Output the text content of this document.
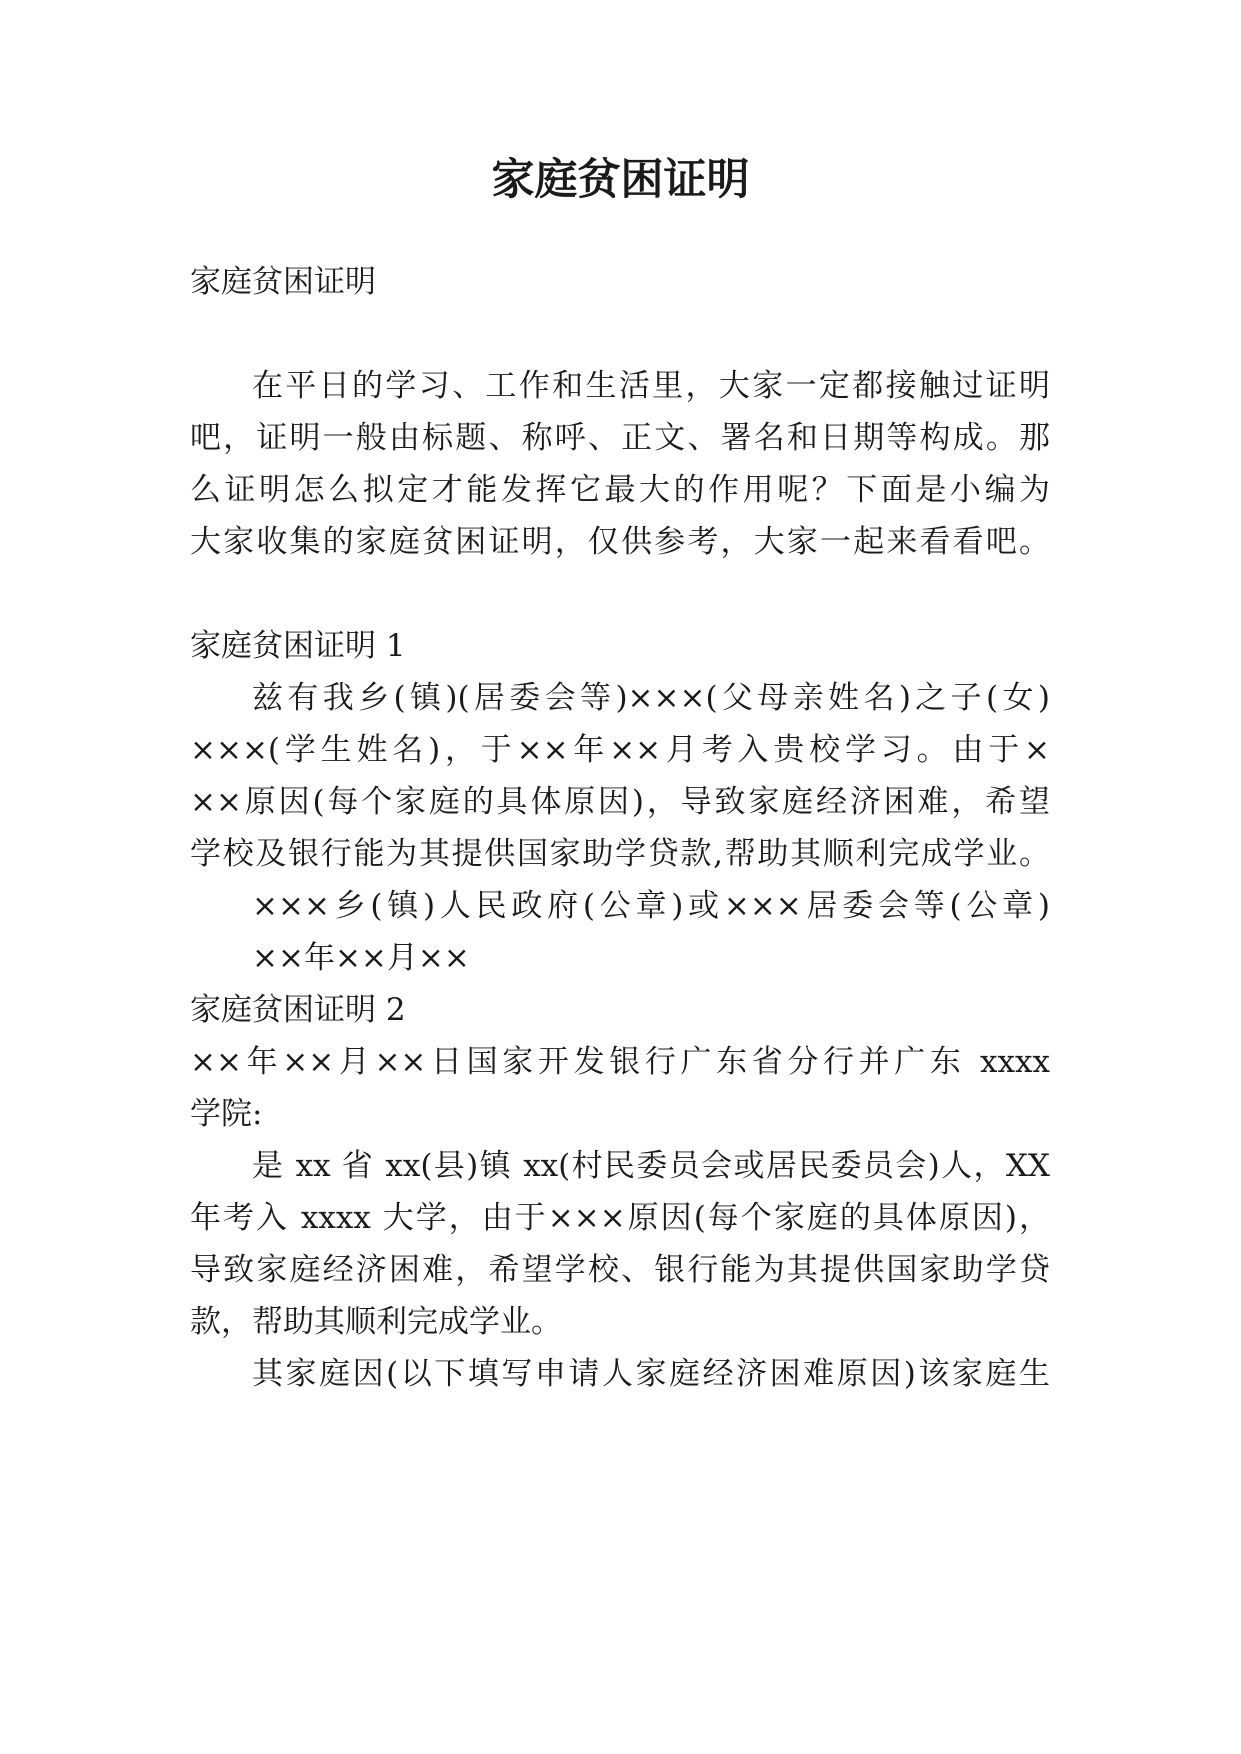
家庭贫困证明

家庭贫困证明

在平日的学习、工作和生活里，大家一定都接触过证明

吧，证明一般由标题、称呼、正文、署名和日期等构成。那

么证明怎么拟定才能发挥它最大的作用呢？下面是小编为

大家收集的家庭贫困证明，仅供参考，大家一起来看看吧。

家庭贫困证明 1

兹有我乡(镇)(居委会等)×××(父母亲姓名)之子(女)

×××(学生姓名)，于××年××月考入贵校学习。由于×

××原因(每个家庭的具体原因)，导致家庭经济困难，希望

学校及银行能为其提供国家助学贷款,帮助其顺利完成学业。

×××乡(镇)人民政府(公章)或×××居委会等(公章)

××年××月××

家庭贫困证明 2

××年××月××日国家开发银行广东省分行并广东 xxxx

学院:

是 xx 省 xx(县)镇 xx(村民委员会或居民委员会)人，XX

年考入 xxxx 大学，由于×××原因(每个家庭的具体原因)，

导致家庭经济困难，希望学校、银行能为其提供国家助学贷

款，帮助其顺利完成学业。

其家庭因(以下填写申请人家庭经济困难原因)该家庭生
